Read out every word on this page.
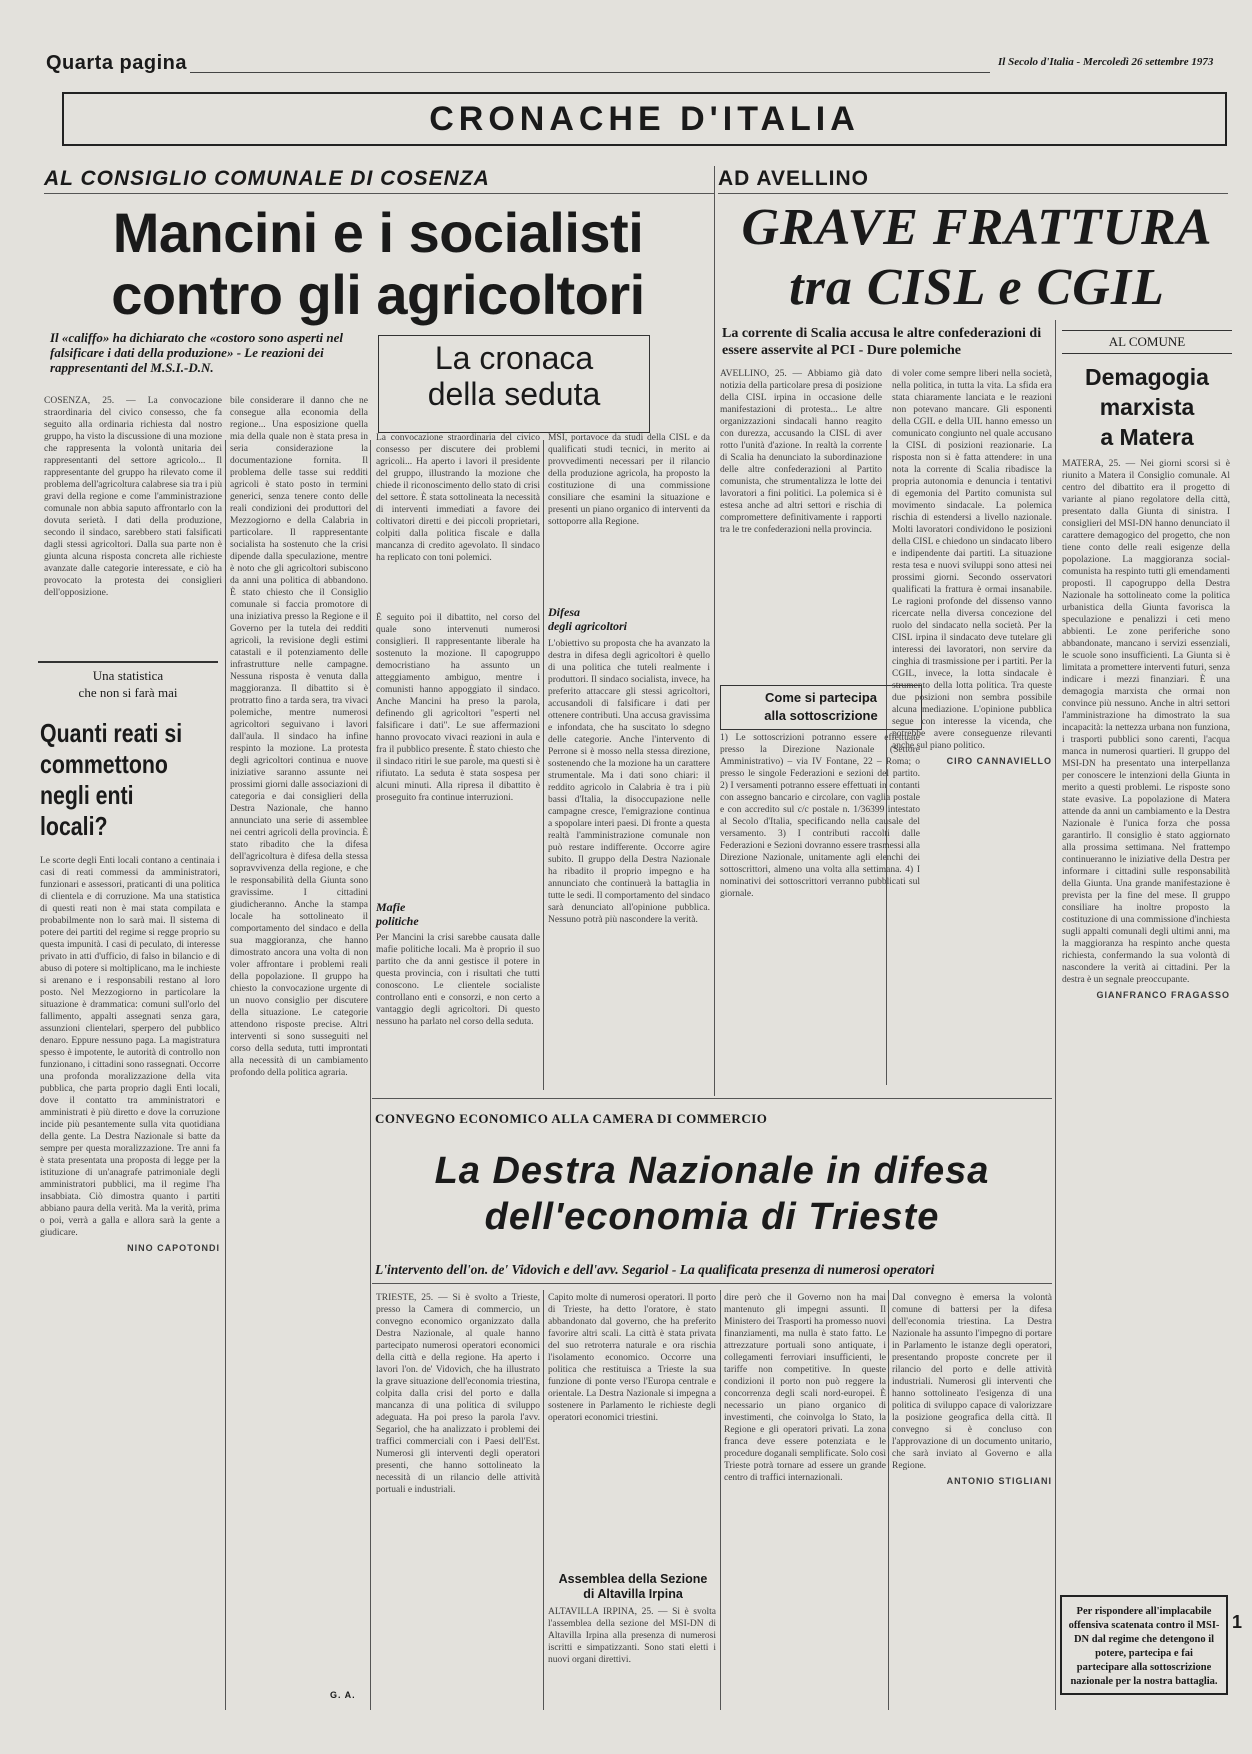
Quarta pagina	Il Secolo d'Italia - Mercoledì 26 settembre 1973
CRONACHE D'ITALIA
AL CONSIGLIO COMUNALE DI COSENZA	AD AVELLINO
Mancini e i socialisti
contro gli agricoltori
Il «califfo» ha dichiarato che «costoro sono asperti nel falsificare i dati della produzione» - Le reazioni dei rappresentanti del M.S.I.-D.N.
GRAVE FRATTURA
tra CISL e CGIL
La corrente di Scalia accusa le altre confederazioni di essere asservite al PCI - Dure polemiche
La cronaca
della seduta
COSENZA, 25. — La convocazione straordinaria del civico consesso, che fa seguito alla ordinaria richiesta dal nostro gruppo, ha visto la discussione di una mozione che rappresenta la volontà unitaria dei rappresentanti del settore agricolo... Il rappresentante del gruppo ha rilevato come il problema dell'agricoltura calabrese sia tra i più gravi della regione e come l'amministrazione comunale non abbia saputo affrontarlo con la dovuta serietà. I dati della produzione, secondo il sindaco, sarebbero stati falsificati dagli stessi agricoltori. Dalla sua parte non è giunta alcuna risposta concreta alle richieste avanzate dalle categorie interessate, e ciò ha provocato la protesta dei consiglieri dell'opposizione.
bile considerare il danno che ne consegue alla economia della regione... Una esposizione quella mia della quale non è stata presa in seria considerazione la documentazione fornita. Il problema delle tasse sui redditi agricoli è stato posto in termini generici, senza tenere conto delle reali condizioni dei produttori del Mezzogiorno e della Calabria in particolare. Il rappresentante socialista ha sostenuto che la crisi dipende dalla speculazione, mentre è noto che gli agricoltori subiscono da anni una politica di abbandono. È stato chiesto che il Consiglio comunale si faccia promotore di una iniziativa presso la Regione e il Governo per la tutela dei redditi agricoli, la revisione degli estimi catastali e il potenziamento delle infrastrutture nelle campagne. Nessuna risposta è venuta dalla maggioranza. Il dibattito si è protratto fino a tarda sera, tra vivaci polemiche, mentre numerosi agricoltori seguivano i lavori dall'aula. Il sindaco ha infine respinto la mozione. La protesta degli agricoltori continua e nuove iniziative saranno assunte nei prossimi giorni dalle associazioni di categoria e dai consiglieri della Destra Nazionale, che hanno annunciato una serie di assemblee nei centri agricoli della provincia. È stato ribadito che la difesa dell'agricoltura è difesa della stessa sopravvivenza della regione, e che le responsabilità della Giunta sono gravissime. I cittadini giudicheranno. Anche la stampa locale ha sottolineato il comportamento del sindaco e della sua maggioranza, che hanno dimostrato ancora una volta di non voler affrontare i problemi reali della popolazione. Il gruppo ha chiesto la convocazione urgente di un nuovo consiglio per discutere della situazione. Le categorie attendono risposte precise. Altri interventi si sono susseguiti nel corso della seduta, tutti improntati alla necessità di un cambiamento profondo della politica agraria.
Una statistica
che non si farà mai
Quanti reati si commettono negli enti locali?
Le scorte degli Enti locali contano a centinaia i casi di reati commessi da amministratori, funzionari e assessori, praticanti di una politica di clientela e di corruzione. Ma una statistica di questi reati non è mai stata compilata e probabilmente non lo sarà mai. Il sistema di potere dei partiti del regime si regge proprio su questa impunità. I casi di peculato, di interesse privato in atti d'ufficio, di falso in bilancio e di abuso di potere si moltiplicano, ma le inchieste si arenano e i responsabili restano al loro posto. Nel Mezzogiorno in particolare la situazione è drammatica: comuni sull'orlo del fallimento, appalti assegnati senza gara, assunzioni clientelari, sperpero del pubblico denaro. Eppure nessuno paga. La magistratura spesso è impotente, le autorità di controllo non funzionano, i cittadini sono rassegnati. Occorre una profonda moralizzazione della vita pubblica, che parta proprio dagli Enti locali, dove il contatto tra amministratori e amministrati è più diretto e dove la corruzione incide più pesantemente sulla vita quotidiana della gente. La Destra Nazionale si batte da sempre per questa moralizzazione. Tre anni fa è stata presentata una proposta di legge per la istituzione di un'anagrafe patrimoniale degli amministratori pubblici, ma il regime l'ha insabbiata. Ciò dimostra quanto i partiti abbiano paura della verità. Ma la verità, prima o poi, verrà a galla e allora sarà la gente a giudicare.
NINO CAPOTONDI
G. A.
La convocazione straordinaria del civico consesso per discutere dei problemi agricoli... Ha aperto i lavori il presidente del gruppo, illustrando la mozione che chiede il riconoscimento dello stato di crisi del settore. È stata sottolineata la necessità di interventi immediati a favore dei coltivatori diretti e dei piccoli proprietari, colpiti dalla politica fiscale e dalla mancanza di credito agevolato. Il sindaco ha replicato con toni polemici.
È seguito poi il dibattito, nel corso del quale sono intervenuti numerosi consiglieri. Il rappresentante liberale ha sostenuto la mozione. Il capogruppo democristiano ha assunto un atteggiamento ambiguo, mentre i comunisti hanno appoggiato il sindaco. Anche Mancini ha preso la parola, definendo gli agricoltori "esperti nel falsificare i dati". Le sue affermazioni hanno provocato vivaci reazioni in aula e fra il pubblico presente. È stato chiesto che il sindaco ritiri le sue parole, ma questi si è rifiutato. La seduta è stata sospesa per alcuni minuti. Alla ripresa il dibattito è proseguito fra continue interruzioni.
Mafie
politiche
Per Mancini la crisi sarebbe causata dalle mafie politiche locali. Ma è proprio il suo partito che da anni gestisce il potere in questa provincia, con i risultati che tutti conoscono. Le clientele socialiste controllano enti e consorzi, e non certo a vantaggio degli agricoltori. Di questo nessuno ha parlato nel corso della seduta.
MSI, portavoce da studi della CISL e da qualificati studi tecnici, in merito ai provvedimenti necessari per il rilancio della produzione agricola, ha proposto la costituzione di una commissione consiliare che esamini la situazione e presenti un piano organico di interventi da sottoporre alla Regione.
Difesa
degli agricoltori
L'obiettivo su proposta che ha avanzato la destra in difesa degli agricoltori è quello di una politica che tuteli realmente i produttori. Il sindaco socialista, invece, ha preferito attaccare gli stessi agricoltori, accusandoli di falsificare i dati per ottenere contributi. Una accusa gravissima e infondata, che ha suscitato lo sdegno delle categorie. Anche l'intervento di Perrone si è mosso nella stessa direzione, sostenendo che la mozione ha un carattere strumentale. Ma i dati sono chiari: il reddito agricolo in Calabria è tra i più bassi d'Italia, la disoccupazione nelle campagne cresce, l'emigrazione continua a spopolare interi paesi. Di fronte a questa realtà l'amministrazione comunale non può restare indifferente. Occorre agire subito. Il gruppo della Destra Nazionale ha ribadito il proprio impegno e ha annunciato che continuerà la battaglia in tutte le sedi. Il comportamento del sindaco sarà denunciato all'opinione pubblica. Nessuno potrà più nascondere la verità.
AVELLINO, 25. — Abbiamo già dato notizia della particolare presa di posizione della CISL irpina in occasione delle manifestazioni di protesta... Le altre organizzazioni sindacali hanno reagito con durezza, accusando la CISL di aver rotto l'unità d'azione. In realtà la corrente di Scalia ha denunciato la subordinazione delle altre confederazioni al Partito comunista, che strumentalizza le lotte dei lavoratori a fini politici. La polemica si è estesa anche ad altri settori e rischia di compromettere definitivamente i rapporti tra le tre confederazioni nella provincia.
Come si partecipa
alla sottoscrizione
1) Le sottoscrizioni potranno essere effettuate presso la Direzione Nazionale (Settore Amministrativo) – via IV Fontane, 22 – Roma; o presso le singole Federazioni e sezioni del partito. 2) I versamenti potranno essere effettuati in contanti con assegno bancario e circolare, con vaglia postale e con accredito sul c/c postale n. 1/36399 intestato al Secolo d'Italia, specificando nella causale del versamento. 3) I contributi raccolti dalle Federazioni e Sezioni dovranno essere trasmessi alla Direzione Nazionale, unitamente agli elenchi dei sottoscrittori, almeno una volta alla settimana. 4) I nominativi dei sottoscrittori verranno pubblicati sul giornale.
di voler come sempre liberi nella società, nella politica, in tutta la vita. La sfida era stata chiaramente lanciata e le reazioni non potevano mancare. Gli esponenti della CGIL e della UIL hanno emesso un comunicato congiunto nel quale accusano la CISL di posizioni reazionarie. La risposta non si è fatta attendere: in una nota la corrente di Scalia ribadisce la propria autonomia e denuncia i tentativi di egemonia del Partito comunista sul movimento sindacale. La polemica rischia di estendersi a livello nazionale. Molti lavoratori condividono le posizioni della CISL e chiedono un sindacato libero e indipendente dai partiti. La situazione resta tesa e nuovi sviluppi sono attesi nei prossimi giorni. Secondo osservatori qualificati la frattura è ormai insanabile. Le ragioni profonde del dissenso vanno ricercate nella diversa concezione del ruolo del sindacato nella società. Per la CISL irpina il sindacato deve tutelare gli interessi dei lavoratori, non servire da cinghia di trasmissione per i partiti. Per la CGIL, invece, la lotta sindacale è strumento della lotta politica. Tra queste due posizioni non sembra possibile alcuna mediazione. L'opinione pubblica segue con interesse la vicenda, che potrebbe avere conseguenze rilevanti anche sul piano politico.
CIRO CANNAVIELLO
AL COMUNE
Demagogia
marxista
a Matera
MATERA, 25. — Nei giorni scorsi si è riunito a Matera il Consiglio comunale. Al centro del dibattito era il progetto di variante al piano regolatore della città, presentato dalla Giunta di sinistra. I consiglieri del MSI-DN hanno denunciato il carattere demagogico del progetto, che non tiene conto delle reali esigenze della popolazione. La maggioranza social-comunista ha respinto tutti gli emendamenti proposti. Il capogruppo della Destra Nazionale ha sottolineato come la politica urbanistica della Giunta favorisca la speculazione e penalizzi i ceti meno abbienti. Le zone periferiche sono abbandonate, mancano i servizi essenziali, le scuole sono insufficienti. La Giunta si è limitata a promettere interventi futuri, senza indicare i mezzi finanziari. È una demagogia marxista che ormai non convince più nessuno. Anche in altri settori l'amministrazione ha dimostrato la sua incapacità: la nettezza urbana non funziona, i trasporti pubblici sono carenti, l'acqua manca in numerosi quartieri. Il gruppo del MSI-DN ha presentato una interpellanza per conoscere le intenzioni della Giunta in merito a questi problemi. Le risposte sono state evasive. La popolazione di Matera attende da anni un cambiamento e la Destra Nazionale è l'unica forza che possa garantirlo. Il consiglio è stato aggiornato alla prossima settimana. Nel frattempo continueranno le iniziative della Destra per informare i cittadini sulle responsabilità della Giunta. Una grande manifestazione è prevista per la fine del mese. Il gruppo consiliare ha inoltre proposto la costituzione di una commissione d'inchiesta sugli appalti comunali degli ultimi anni, ma la maggioranza ha respinto anche questa richiesta, confermando la sua volontà di nascondere la verità ai cittadini. Per la destra è un segnale preoccupante.
GIANFRANCO FRAGASSO
CONVEGNO ECONOMICO ALLA CAMERA DI COMMERCIO
La Destra Nazionale in difesa
dell'economia di Trieste
L'intervento dell'on. de' Vidovich e dell'avv. Segariol - La qualificata presenza di numerosi operatori
TRIESTE, 25. — Si è svolto a Trieste, presso la Camera di commercio, un convegno economico organizzato dalla Destra Nazionale, al quale hanno partecipato numerosi operatori economici della città e della regione. Ha aperto i lavori l'on. de' Vidovich, che ha illustrato la grave situazione dell'economia triestina, colpita dalla crisi del porto e dalla mancanza di una politica di sviluppo adeguata. Ha poi preso la parola l'avv. Segariol, che ha analizzato i problemi dei traffici commerciali con i Paesi dell'Est. Numerosi gli interventi degli operatori presenti, che hanno sottolineato la necessità di un rilancio delle attività portuali e industriali.
Capito molte di numerosi operatori. Il porto di Trieste, ha detto l'oratore, è stato abbandonato dal governo, che ha preferito favorire altri scali. La città è stata privata del suo retroterra naturale e ora rischia l'isolamento economico. Occorre una politica che restituisca a Trieste la sua funzione di ponte verso l'Europa centrale e orientale. La Destra Nazionale si impegna a sostenere in Parlamento le richieste degli operatori economici triestini.
Assemblea della Sezione
di Altavilla Irpina
ALTAVILLA IRPINA, 25. — Si è svolta l'assemblea della sezione del MSI-DN di Altavilla Irpina alla presenza di numerosi iscritti e simpatizzanti. Sono stati eletti i nuovi organi direttivi.
dire però che il Governo non ha mai mantenuto gli impegni assunti. Il Ministero dei Trasporti ha promesso nuovi finanziamenti, ma nulla è stato fatto. Le attrezzature portuali sono antiquate, i collegamenti ferroviari insufficienti, le tariffe non competitive. In queste condizioni il porto non può reggere la concorrenza degli scali nord-europei. È necessario un piano organico di investimenti, che coinvolga lo Stato, la Regione e gli operatori privati. La zona franca deve essere potenziata e le procedure doganali semplificate. Solo così Trieste potrà tornare ad essere un grande centro di traffici internazionali.
Dal convegno è emersa la volontà comune di battersi per la difesa dell'economia triestina. La Destra Nazionale ha assunto l'impegno di portare in Parlamento le istanze degli operatori, presentando proposte concrete per il rilancio del porto e delle attività industriali. Numerosi gli interventi che hanno sottolineato l'esigenza di una politica di sviluppo capace di valorizzare la posizione geografica della città. Il convegno si è concluso con l'approvazione di un documento unitario, che sarà inviato al Governo e alla Regione.
ANTONIO STIGLIANI
Per rispondere all'implacabile offensiva scatenata contro il MSI-DN dal regime che detengono il potere, partecipa e fai partecipare alla sottoscrizione nazionale per la nostra battaglia.
1
